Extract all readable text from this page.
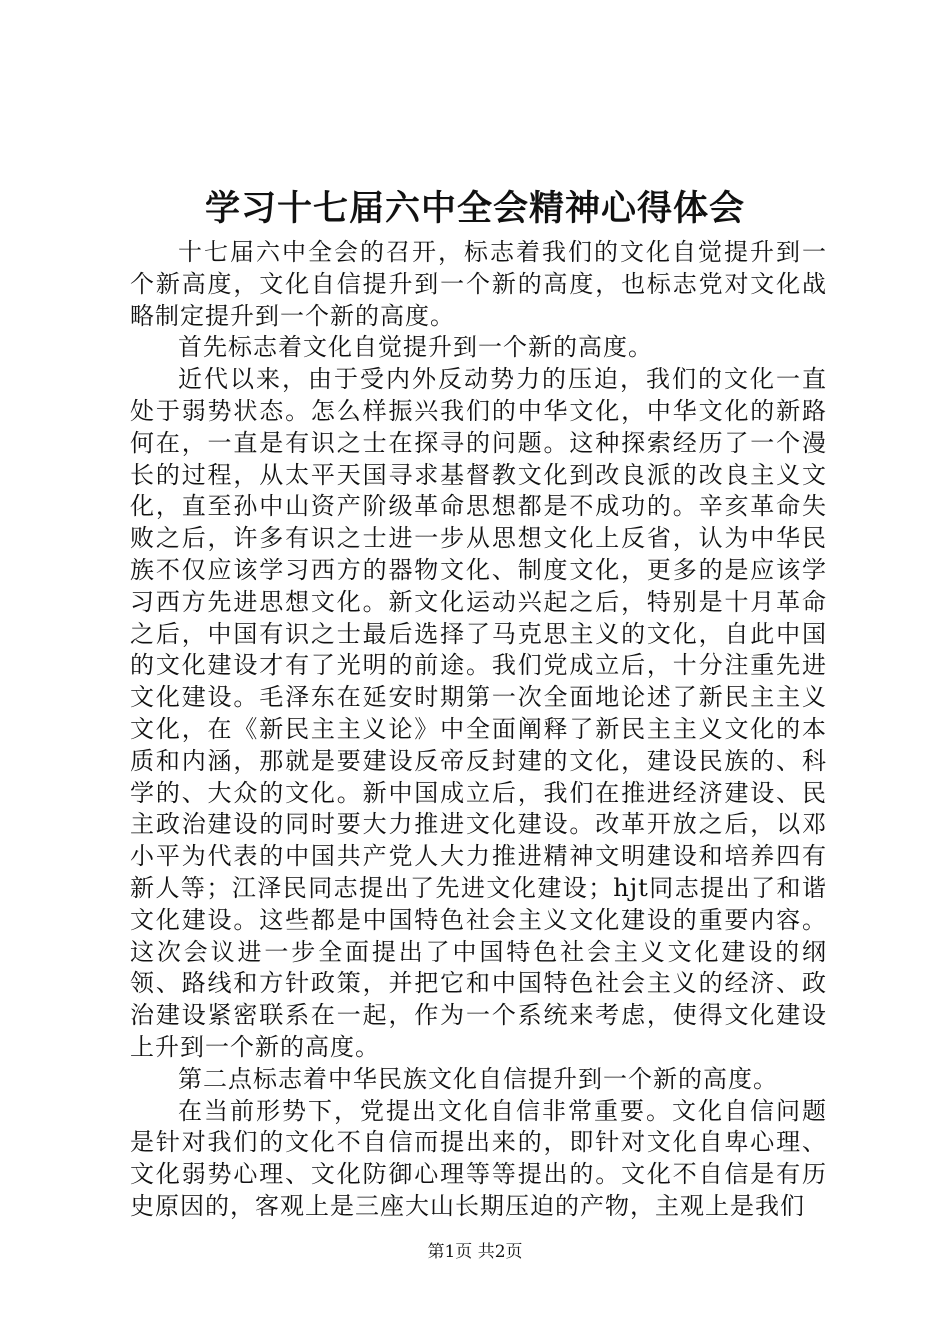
学习十七届六中全会精神心得体会

十七届六中全会的召开，标志着我们的文化自觉提升到一个新高度，文化自信提升到一个新的高度，也标志党对文化战略制定提升到一个新的高度。

首先标志着文化自觉提升到一个新的高度。

近代以来，由于受内外反动势力的压迫，我们的文化一直处于弱势状态。怎么样振兴我们的中华文化，中华文化的新路何在，一直是有识之士在探寻的问题。这种探索经历了一个漫长的过程，从太平天国寻求基督教文化到改良派的改良主义文化，直至孙中山资产阶级革命思想都是不成功的。辛亥革命失败之后，许多有识之士进一步从思想文化上反省，认为中华民族不仅应该学习西方的器物文化、制度文化，更多的是应该学习西方先进思想文化。新文化运动兴起之后，特别是十月革命之后，中国有识之士最后选择了马克思主义的文化，自此中国的文化建设才有了光明的前途。我们党成立后，十分注重先进文化建设。毛泽东在延安时期第一次全面地论述了新民主主义文化，在《新民主主义论》中全面阐释了新民主主义文化的本质和内涵，那就是要建设反帝反封建的文化，建设民族的、科学的、大众的文化。新中国成立后，我们在推进经济建设、民主政治建设的同时要大力推进文化建设。改革开放之后，以邓小平为代表的中国共产党人大力推进精神文明建设和培养四有新人等；江泽民同志提出了先进文化建设；hjt同志提出了和谐文化建设。这些都是中国特色社会主义文化建设的重要内容。这次会议进一步全面提出了中国特色社会主义文化建设的纲领、路线和方针政策，并把它和中国特色社会主义的经济、政治建设紧密联系在一起，作为一个系统来考虑，使得文化建设上升到一个新的高度。

第二点标志着中华民族文化自信提升到一个新的高度。

在当前形势下，党提出文化自信非常重要。文化自信问题是针对我们的文化不自信而提出来的，即针对文化自卑心理、文化弱势心理、文化防御心理等等提出的。文化不自信是有历史原因的，客观上是三座大山长期压迫的产物，主观上是我们

第1页 共2页
